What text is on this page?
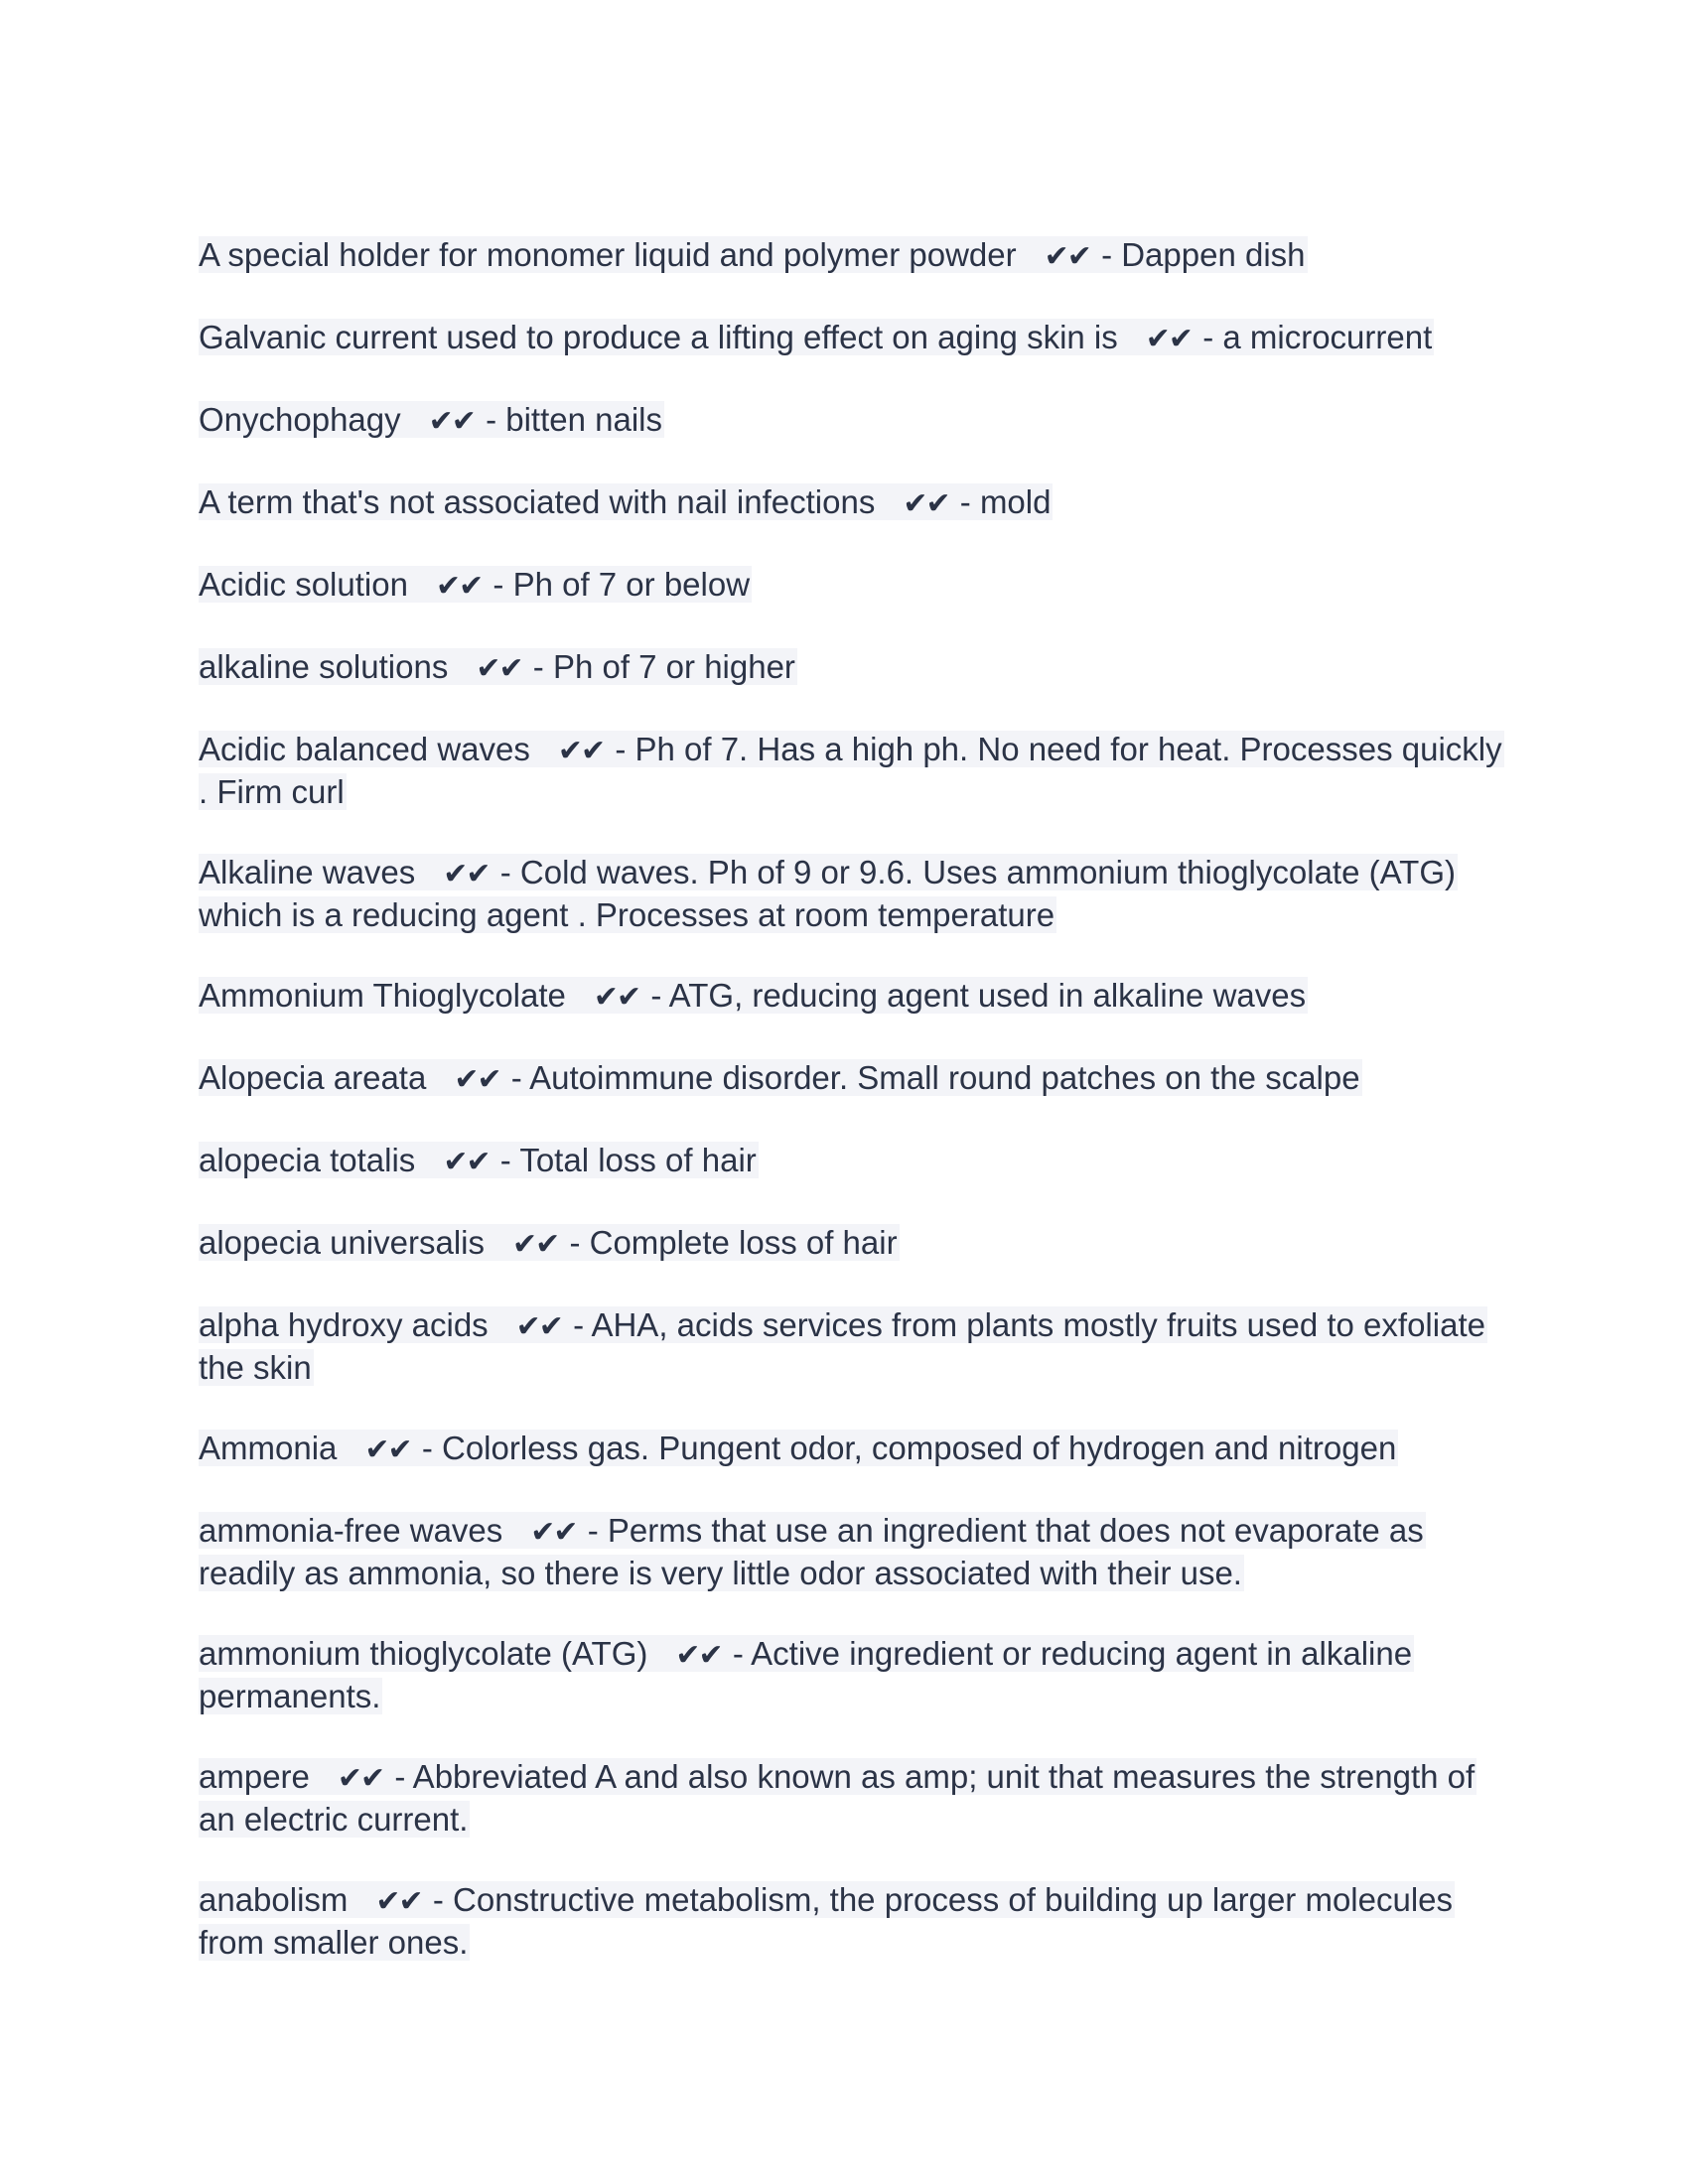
A special holder for monomer liquid and polymer powder ✔✔ - Dappen dish
Galvanic current used to produce a lifting effect on aging skin is ✔✔ - a microcurrent
Onychophagy ✔✔ - bitten nails
A term that's not associated with nail infections ✔✔ - mold
Acidic solution ✔✔ - Ph of 7 or below
alkaline solutions ✔✔ - Ph of 7 or higher
Acidic balanced waves ✔✔ - Ph of 7. Has a high ph. No need for heat. Processes quickly . Firm curl
Alkaline waves ✔✔ - Cold waves. Ph of 9 or 9.6. Uses ammonium thioglycolate (ATG) which is a reducing agent . Processes at room temperature
Ammonium Thioglycolate ✔✔ - ATG, reducing agent used in alkaline waves
Alopecia areata ✔✔ - Autoimmune disorder. Small round patches on the scalpe
alopecia totalis ✔✔ - Total loss of hair
alopecia universalis ✔✔ - Complete loss of hair
alpha hydroxy acids ✔✔ - AHA, acids services from plants mostly fruits used to exfoliate the skin
Ammonia ✔✔ - Colorless gas. Pungent odor, composed of hydrogen and nitrogen
ammonia-free waves ✔✔ - Perms that use an ingredient that does not evaporate as readily as ammonia, so there is very little odor associated with their use.
ammonium thioglycolate (ATG) ✔✔ - Active ingredient or reducing agent in alkaline permanents.
ampere ✔✔ - Abbreviated A and also known as amp; unit that measures the strength of an electric current.
anabolism ✔✔ - Constructive metabolism, the process of building up larger molecules from smaller ones.
